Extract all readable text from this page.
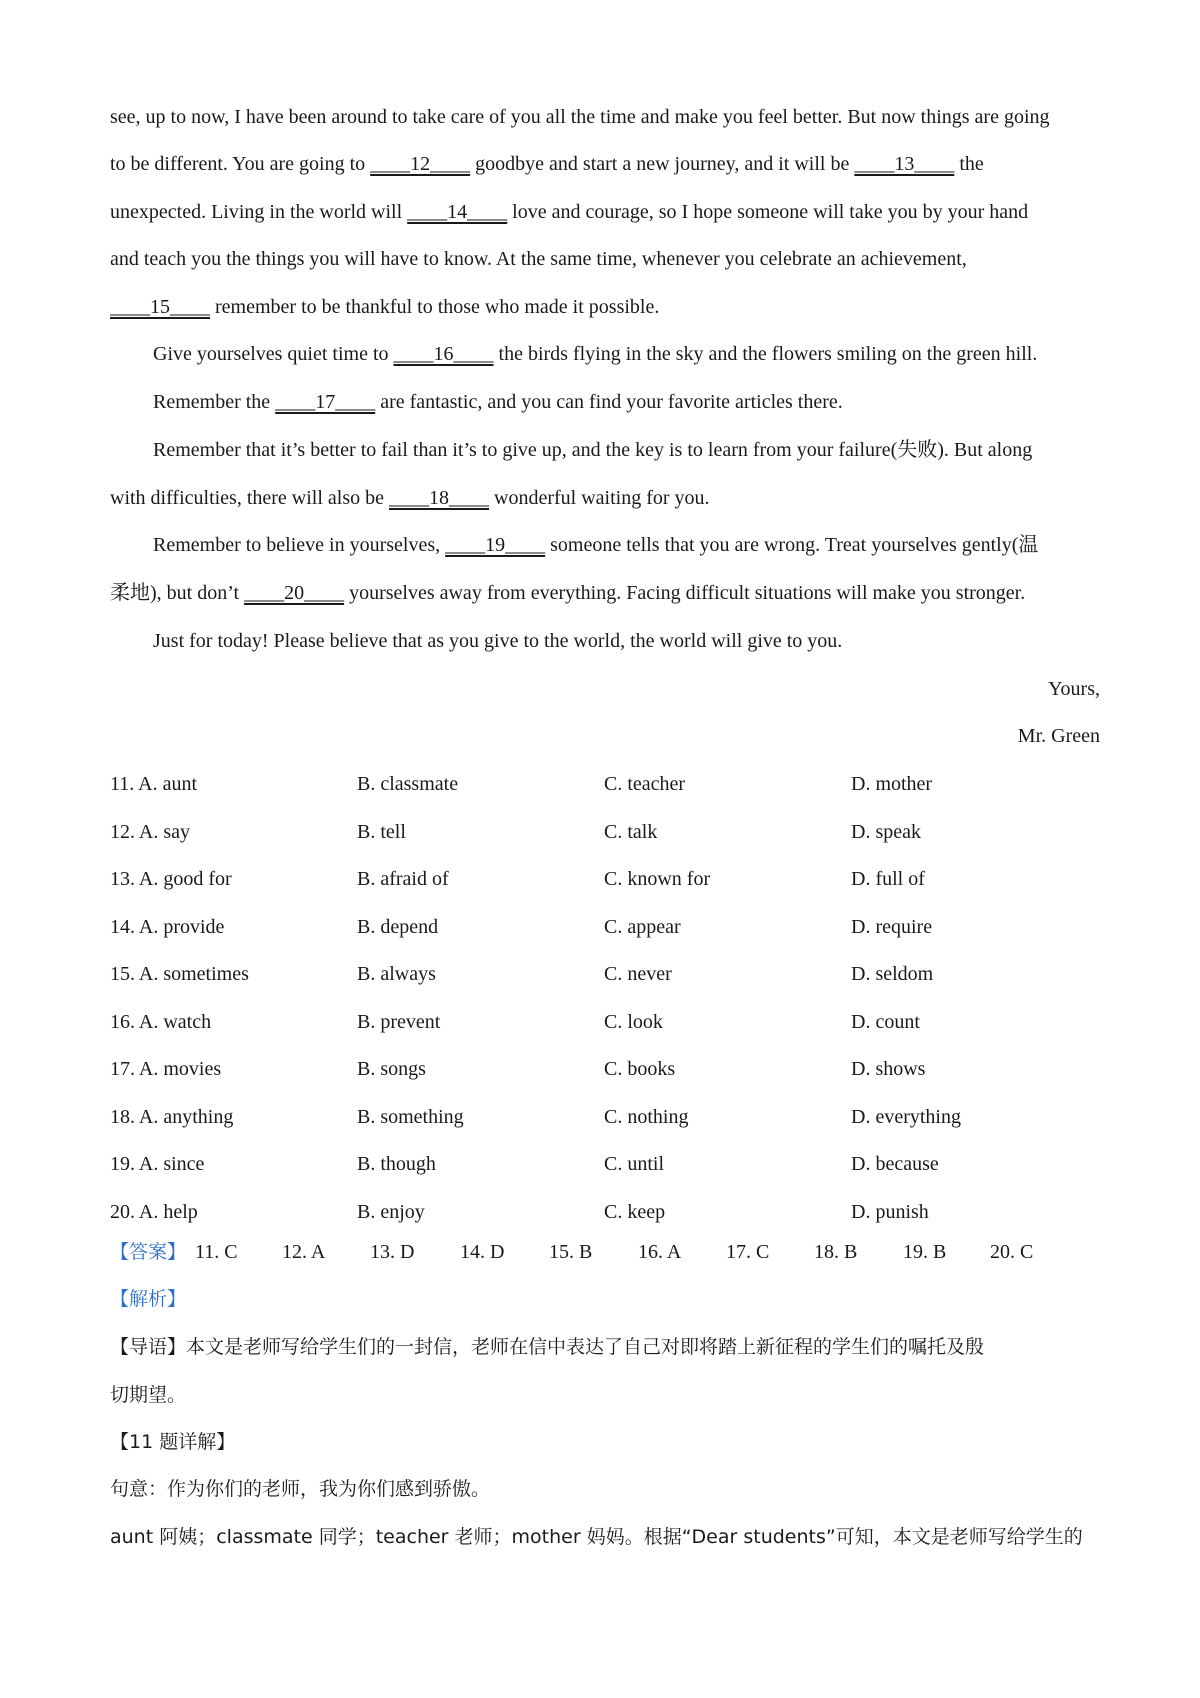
see, up to now, I have been around to take care of you all the time and make you feel better. But now things are going
to be different. You are going to ____12____ goodbye and start a new journey, and it will be ____13____ the
unexpected. Living in the world will ____14____ love and courage, so I hope someone will take you by your hand
and teach you the things you will have to know. At the same time, whenever you celebrate an achievement,
____15____ remember to be thankful to those who made it possible.
Give yourselves quiet time to ____16____ the birds flying in the sky and the flowers smiling on the green hill.
Remember the ____17____ are fantastic, and you can find your favorite articles there.
Remember that it’s better to fail than it’s to give up, and the key is to learn from your failure(失败). But along
with difficulties, there will also be ____18____ wonderful waiting for you.
Remember to believe in yourselves, ____19____ someone tells that you are wrong. Treat yourselves gently(温
柔地), but don’t ____20____ yourselves away from everything. Facing difficult situations will make you stronger.
Just for today! Please believe that as you give to the world, the world will give to you.
Yours,
Mr. Green
11. A. aunt	B. classmate	C. teacher	D. mother
12. A. say	B. tell	C. talk	D. speak
13. A. good for	B. afraid of	C. known for	D. full of
14. A. provide	B. depend	C. appear	D. require
15. A. sometimes	B. always	C. never	D. seldom
16. A. watch	B. prevent	C. look	D. count
17. A. movies	B. songs	C. books	D. shows
18. A. anything	B. something	C. nothing	D. everything
19. A. since	B. though	C. until	D. because
20. A. help	B. enjoy	C. keep	D. punish
【答案】 11. C 12. A 13. D 14. D 15. B 16. A 17. C 18. B 19. B 20. C
【解析】
【导语】本文是老师写给学生们的一封信，老师在信中表达了自己对即将踏上新征程的学生们的嘱托及殷
切期望。
【11 题详解】
句意：作为你们的老师，我为你们感到骄傲。
aunt 阿姨；classmate 同学；teacher 老师；mother 妈妈。根据“Dear students”可知，本文是老师写给学生的
